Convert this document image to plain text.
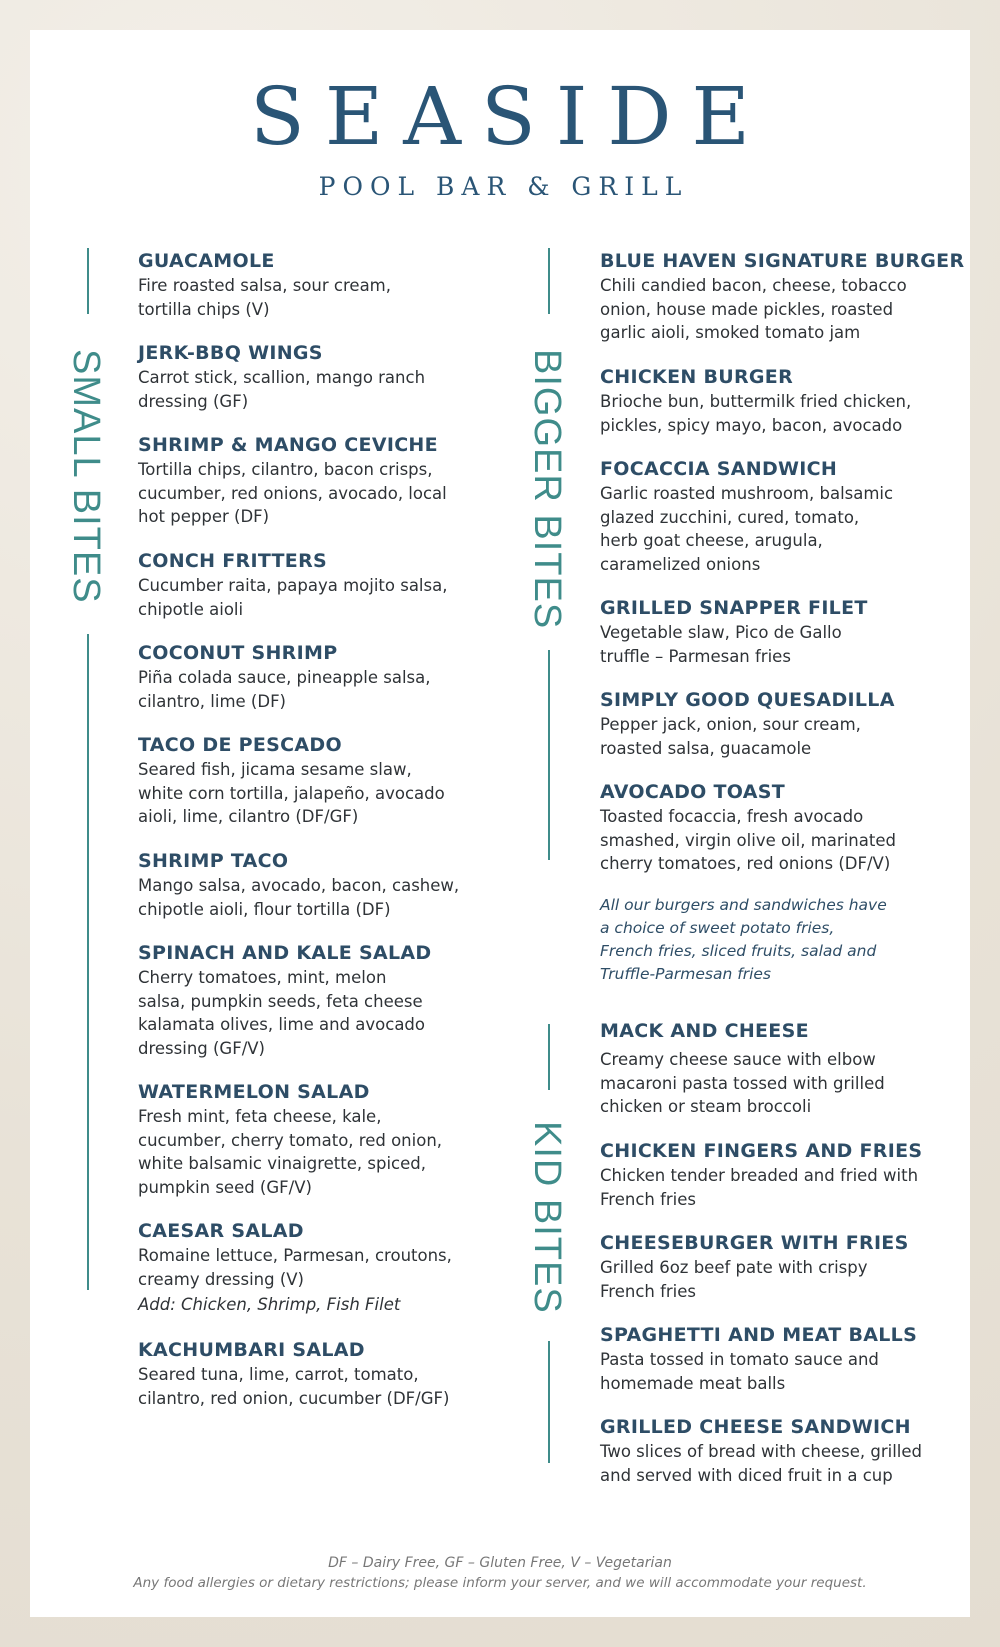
SEASIDE
POOL BAR & GRILL
SMALL BITES	BIGGER BITES
KID BITES
GUACAMOLE
Fire roasted salsa, sour cream,
tortilla chips (V)
JERK-BBQ WINGS
Carrot stick, scallion, mango ranch
dressing (GF)
SHRIMP & MANGO CEVICHE
Tortilla chips, cilantro, bacon crisps,
cucumber, red onions, avocado, local
hot pepper (DF)
CONCH FRITTERS
Cucumber raita, papaya mojito salsa,
chipotle aioli
COCONUT SHRIMP
Piña colada sauce, pineapple salsa,
cilantro, lime (DF)
TACO DE PESCADO
Seared fish, jicama sesame slaw,
white corn tortilla, jalapeño, avocado
aioli, lime, cilantro (DF/GF)
SHRIMP TACO
Mango salsa, avocado, bacon, cashew,
chipotle aioli, flour tortilla (DF)
SPINACH AND KALE SALAD
Cherry tomatoes, mint, melon
salsa, pumpkin seeds, feta cheese
kalamata olives, lime and avocado
dressing (GF/V)
WATERMELON SALAD
Fresh mint, feta cheese, kale,
cucumber, cherry tomato, red onion,
white balsamic vinaigrette, spiced,
pumpkin seed (GF/V)
CAESAR SALAD
Romaine lettuce, Parmesan, croutons,
creamy dressing (V)
Add: Chicken, Shrimp, Fish Filet
KACHUMBARI SALAD
Seared tuna, lime, carrot, tomato,
cilantro, red onion, cucumber (DF/GF)
BLUE HAVEN SIGNATURE BURGER
Chili candied bacon, cheese, tobacco
onion, house made pickles, roasted
garlic aioli, smoked tomato jam
CHICKEN BURGER
Brioche bun, buttermilk fried chicken,
pickles, spicy mayo, bacon, avocado
FOCACCIA SANDWICH
Garlic roasted mushroom, balsamic
glazed zucchini, cured, tomato,
herb goat cheese, arugula,
caramelized onions
GRILLED SNAPPER FILET
Vegetable slaw, Pico de Gallo
truffle – Parmesan fries
SIMPLY GOOD QUESADILLA
Pepper jack, onion, sour cream,
roasted salsa, guacamole
AVOCADO TOAST
Toasted focaccia, fresh avocado
smashed, virgin olive oil, marinated
cherry tomatoes, red onions (DF/V)
All our burgers and sandwiches have
a choice of sweet potato fries,
French fries, sliced fruits, salad and
Truffle-Parmesan fries
MACK AND CHEESE
Creamy cheese sauce with elbow
macaroni pasta tossed with grilled
chicken or steam broccoli
CHICKEN FINGERS AND FRIES
Chicken tender breaded and fried with
French fries
CHEESEBURGER WITH FRIES
Grilled 6oz beef pate with crispy
French fries
SPAGHETTI AND MEAT BALLS
Pasta tossed in tomato sauce and
homemade meat balls
GRILLED CHEESE SANDWICH
Two slices of bread with cheese, grilled
and served with diced fruit in a cup
DF – Dairy Free, GF – Gluten Free, V – Vegetarian
Any food allergies or dietary restrictions; please inform your server, and we will accommodate your request.
